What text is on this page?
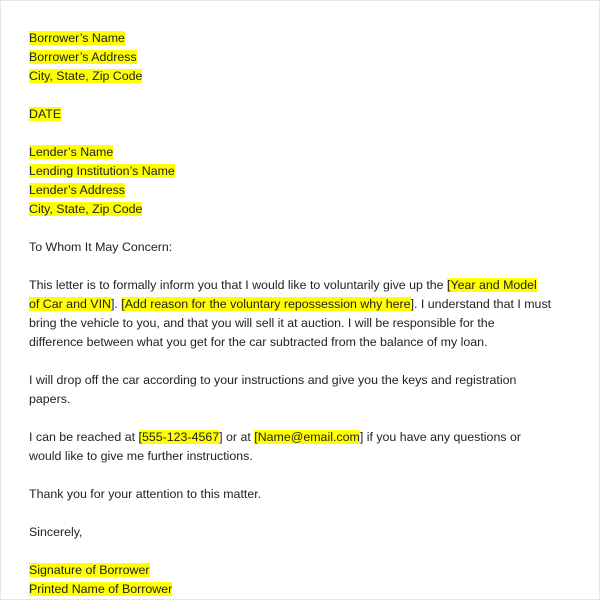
Borrower’s Name
Borrower’s Address
City, State, Zip Code
DATE
Lender’s Name
Lending Institution’s Name
Lender’s Address
City, State, Zip Code
To Whom It May Concern:
This letter is to formally inform you that I would like to voluntarily give up the [Year and Model
of Car and VIN]. [Add reason for the voluntary repossession why here]. I understand that I must
bring the vehicle to you, and that you will sell it at auction. I will be responsible for the
difference between what you get for the car subtracted from the balance of my loan.
I will drop off the car according to your instructions and give you the keys and registration
papers.
I can be reached at [555-123-4567] or at [Name@email.com] if you have any questions or
would like to give me further instructions.
Thank you for your attention to this matter.
Sincerely,
Signature of Borrower
Printed Name of Borrower
